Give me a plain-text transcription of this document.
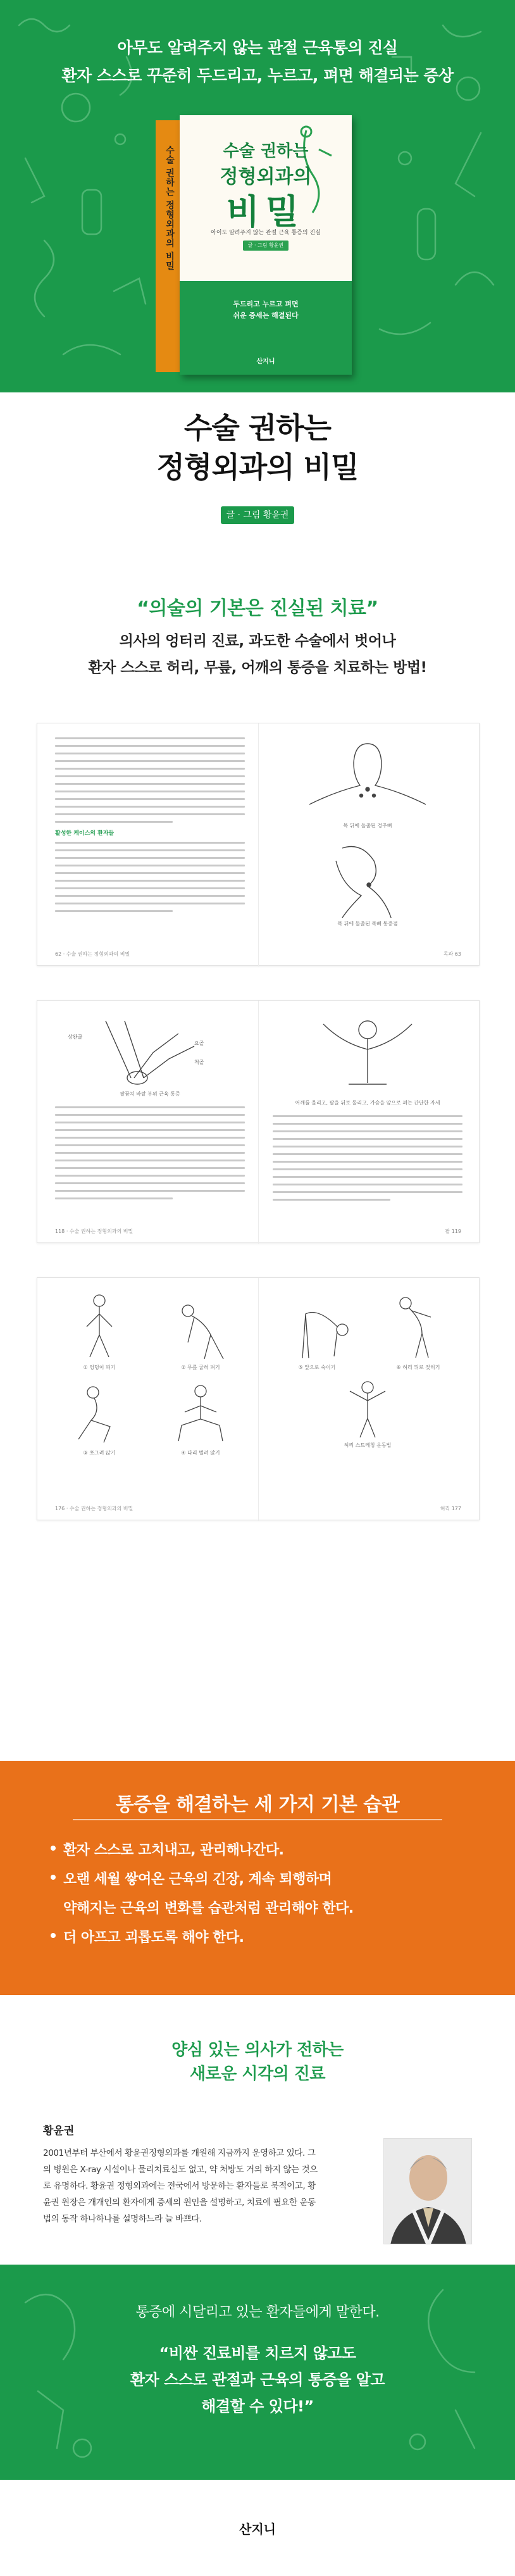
아무도 알려주지 않는 관절 근육통의 진실
환자 스스로 꾸준히 두드리고, 누르고, 펴면 해결되는 증상
수술 권하는 정형외과의 비밀	수술 권하는
정형외과의
비밀
아이도 알려주지 않는 관절 근육 통증의 진실
글 · 그림 황윤권
두드리고 누르고 펴면
쉬운 증세는 해결된다
산지니
수술 권하는
정형외과의 비밀
글 · 그림 황윤권
“의술의 기본은 진실된 치료”
의사의 엉터리 진료, 과도한 수술에서 벗어나
환자 스스로 허리, 무릎, 어깨의 통증을 치료하는 방법!
활성한 케이스의 환자들
목 뒤에 돌출된 경추뼈
목 뒤에 돌출된 목뼈 통증점
62 · 수술 권하는 정형외과의 비밀	목과 63
상완골
요골
척골
팔꿈치 바깥 부위 근육 통증
어깨를 올리고, 팔을 뒤로 돌리고, 가슴을 앞으로 펴는 간단한 자세
118 · 수술 권하는 정형외과의 비밀	팔 119
① 엉덩이 펴기	② 무릎 굽혀 펴기
③ 쪼그려 앉기	④ 다리 벌려 앉기
⑤ 앞으로 숙이기	⑥ 허리 뒤로 젖히기
허리 스트레칭 운동법
176 · 수술 권하는 정형외과의 비밀	허리 177
통증을 해결하는 세 가지 기본 습관
환자 스스로 고치내고, 관리해나간다.
오랜 세월 쌓여온 근육의 긴장, 계속 퇴행하며
약해지는 근육의 변화를 습관처럼 관리해야 한다.
더 아프고 괴롭도록 해야 한다.
양심 있는 의사가 전하는
새로운 시각의 진료
황윤권
2001년부터 부산에서 황윤권정형외과를 개원해 지금까지 운영하고 있다. 그
의 병원은 X-ray 시설이나 물리치료실도 없고, 약 처방도 거의 하지 않는 것으
로 유명하다. 황윤권 정형외과에는 전국에서 방문하는 환자들로 북적이고, 황
윤권 원장은 개개인의 환자에게 증세의 원인을 설명하고, 치료에 필요한 운동
법의 동작 하나하나를 설명하느라 늘 바쁘다.
통증에 시달리고 있는 환자들에게 말한다.
“비싼 진료비를 치르지 않고도
환자 스스로 관절과 근육의 통증을 알고
해결할 수 있다!”
산지니
